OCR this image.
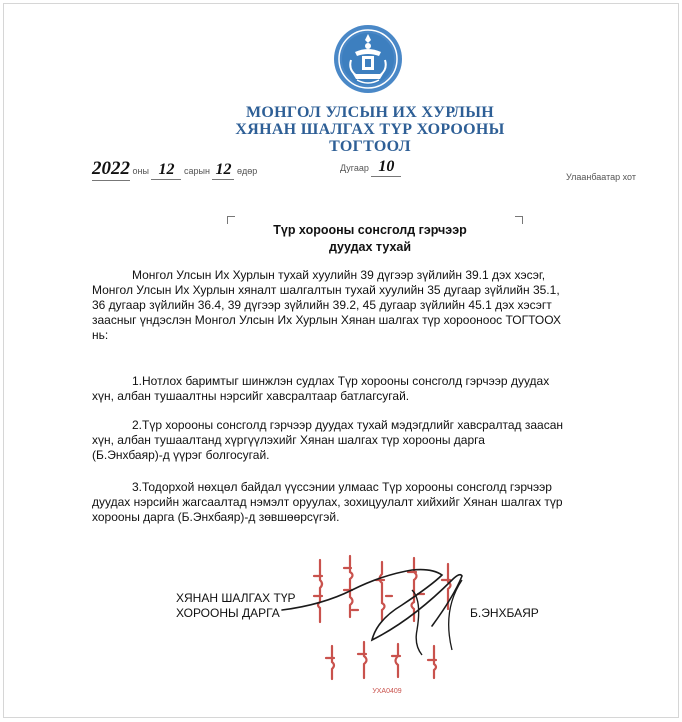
МОНГОЛ УЛСЫН ИХ ХУРЛЫН
ХЯНАН ШАЛГАХ ТҮР ХОРООНЫ
ТОГТООЛ
2022 оны 12 сарын 12 өдөр	Дугаар 10
Улаанбаатар хот
Түр хорооны сонсголд гэрчээр
дуудах тухай
Монгол Улсын Их Хурлын тухай хуулийн 39 дүгээр зүйлийн 39.1 дэх хэсэг,
Монгол Улсын Их Хурлын хяналт шалгалтын тухай хуулийн 35 дугаар зүйлийн 35.1,
36 дугаар зүйлийн 36.4, 39 дүгээр зүйлийн 39.2, 45 дугаар зүйлийн 45.1 дэх хэсэгт
заасныг үндэслэн Монгол Улсын Их Хурлын Хянан шалгах түр хорооноос ТОГТООХ
нь:
1.Нотлох баримтыг шинжлэн судлах Түр хорооны сонсголд гэрчээр дуудах
хүн, албан тушаалтны нэрсийг хавсралтаар батлагсугай.
2.Түр хорооны сонсголд гэрчээр дуудах тухай мэдэгдлийг хавсралтад заасан
хүн, албан тушаалтанд хүргүүлэхийг Хянан шалгах түр хорооны дарга
(Б.Энхбаяр)-д үүрэг болгосугай.
3.Тодорхой нөхцөл байдал үүссэнии улмаас Түр хорооны сонсголд гэрчээр
дуудах нэрсийн жагсаалтад нэмэлт оруулах, зохицуулалт хийхийг Хянан шалгах түр
хорооны дарга (Б.Энхбаяр)-д зөвшөөрсүгэй.
УХА0409
ХЯНАН ШАЛГАХ ТҮР
ХОРООНЫ ДАРГА	Б.ЭНХБАЯР
